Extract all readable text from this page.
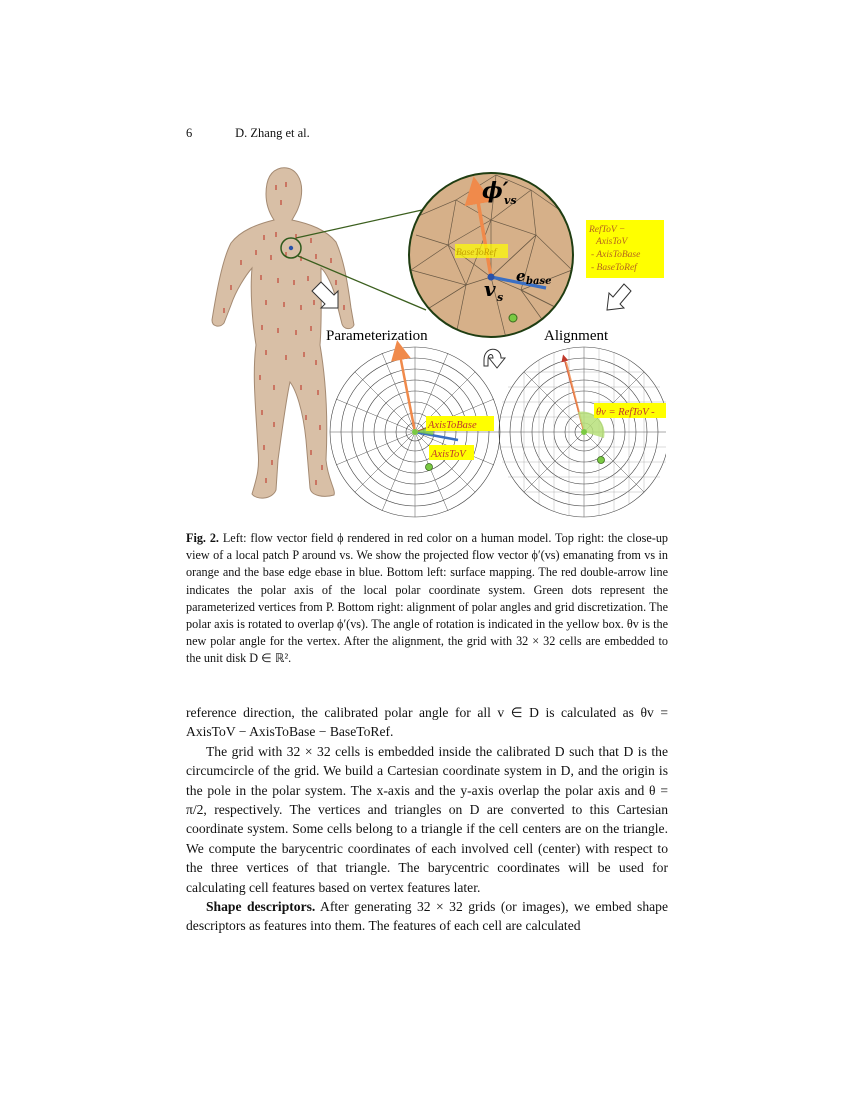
6	D. Zhang et al.
ϕ′
vs
BaseToRef
e base
v s
RefToV −
AxisToV
- AxisToBase
- BaseToRef
Parameterization	Alignment
AxisToBase
AxisToV
θv = RefToV -
Fig. 2. Left: flow vector field ϕ rendered in red color on a human model. Top right: the close-up view of a local patch P around vs. We show the projected flow vector ϕ′(vs) emanating from vs in orange and the base edge ebase in blue. Bottom left: surface mapping. The red double-arrow line indicates the polar axis of the local polar coordinate system. Green dots represent the parameterized vertices from P. Bottom right: alignment of polar angles and grid discretization. The polar axis is rotated to overlap ϕ′(vs). The angle of rotation is indicated in the yellow box. θv is the new polar angle for the vertex. After the alignment, the grid with 32 × 32 cells are embedded to the unit disk D ∈ ℝ².

reference direction, the calibrated polar angle for all v ∈ D is calculated as θv = AxisToV − AxisToBase − BaseToRef.

The grid with 32 × 32 cells is embedded inside the calibrated D such that D is the circumcircle of the grid. We build a Cartesian coordinate system in D, and the origin is the pole in the polar system. The x-axis and the y-axis overlap the polar axis and θ = π/2, respectively. The vertices and triangles on D are converted to this Cartesian coordinate system. Some cells belong to a triangle if the cell centers are on the triangle. We compute the barycentric coordinates of each involved cell (center) with respect to the three vertices of that triangle. The barycentric coordinates will be used for calculating cell features based on vertex features later.

Shape descriptors. After generating 32 × 32 grids (or images), we embed shape descriptors as features into them. The features of each cell are calculated
